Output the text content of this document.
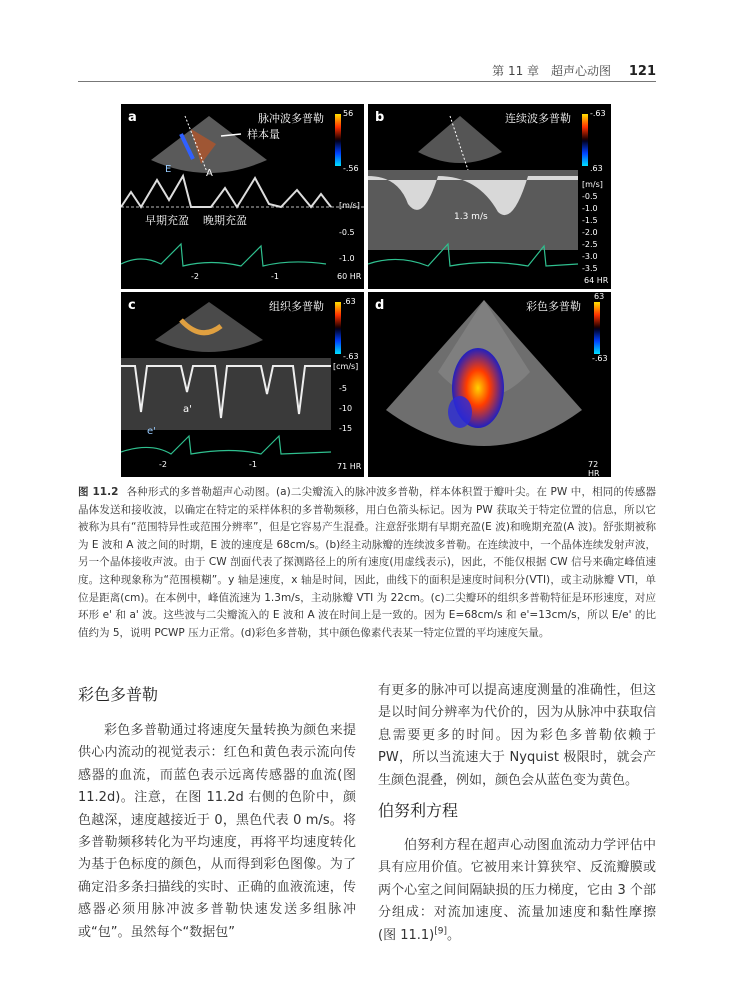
第 11 章　超声心动图 121
a	脉冲波多普勒
样本量
56
-.56
E	A
早期充盈 晚期充盈
[m/s]
-0.5
-1.0
-2	-1	60 HR
b	连续波多普勒 -.63
.63
1.3 m/s
[m/s]
-0.5
-1.0
-1.5
-2.0
-2.5
-3.0
-3.5
64 HR
c	组织多普勒 .63
-.63
e'
a'
[cm/s]
-5
-10
-15
-2	-1	71 HR
d	彩色多普勒
63
-.63
72 HR
图 11.2 各种形式的多普勒超声心动图。(a)二尖瓣流入的脉冲波多普勒，样本体积置于瓣叶尖。在 PW 中，相同的传感器晶体发送和接收波，以确定在特定的采样体积的多普勒频移，用白色箭头标记。因为 PW 获取关于特定位置的信息，所以它被称为具有“范围特异性或范围分辨率”，但是它容易产生混叠。注意舒张期有早期充盈(E 波)和晚期充盈(A 波)。舒张期被称为 E 波和 A 波之间的时期，E 波的速度是 68cm/s。(b)经主动脉瓣的连续波多普勒。在连续波中，一个晶体连续发射声波，另一个晶体接收声波。由于 CW 剖面代表了探测路径上的所有速度(用虚线表示)，因此，不能仅根据 CW 信号来确定峰值速度。这种现象称为“范围模糊”。y 轴是速度，x 轴是时间，因此，曲线下的面积是速度时间积分(VTI)，或主动脉瓣 VTI，单位是距离(cm)。在本例中，峰值流速为 1.3m/s，主动脉瓣 VTI 为 22cm。(c)二尖瓣环的组织多普勒特征是环形速度，对应环形 e' 和 a' 波。这些波与二尖瓣流入的 E 波和 A 波在时间上是一致的。因为 E=68cm/s 和 e'=13cm/s，所以 E/e' 的比值约为 5，说明 PCWP 压力正常。(d)彩色多普勒，其中颜色像素代表某一特定位置的平均速度矢量。
彩色多普勒

彩色多普勒通过将速度矢量转换为颜色来提供心内流动的视觉表示：红色和黄色表示流向传感器的血流，而蓝色表示远离传感器的血流(图 11.2d)。注意，在图 11.2d 右侧的色阶中，颜色越深，速度越接近于 0，黑色代表 0 m/s。将多普勒频移转化为平均速度，再将平均速度转化为基于色标度的颜色，从而得到彩色图像。为了确定沿多条扫描线的实时、正确的血液流速，传感器必须用脉冲波多普勒快速发送多组脉冲或“包”。虽然每个“数据包”

有更多的脉冲可以提高速度测量的准确性，但这是以时间分辨率为代价的，因为从脉冲中获取信息需要更多的时间。因为彩色多普勒依赖于 PW，所以当流速大于 Nyquist 极限时，就会产生颜色混叠，例如，颜色会从蓝色变为黄色。

伯努利方程

伯努利方程在超声心动图血流动力学评估中具有应用价值。它被用来计算狭窄、反流瓣膜或两个心室之间间隔缺损的压力梯度，它由 3 个部分组成：对流加速度、流量加速度和黏性摩擦(图 11.1)[9]。
